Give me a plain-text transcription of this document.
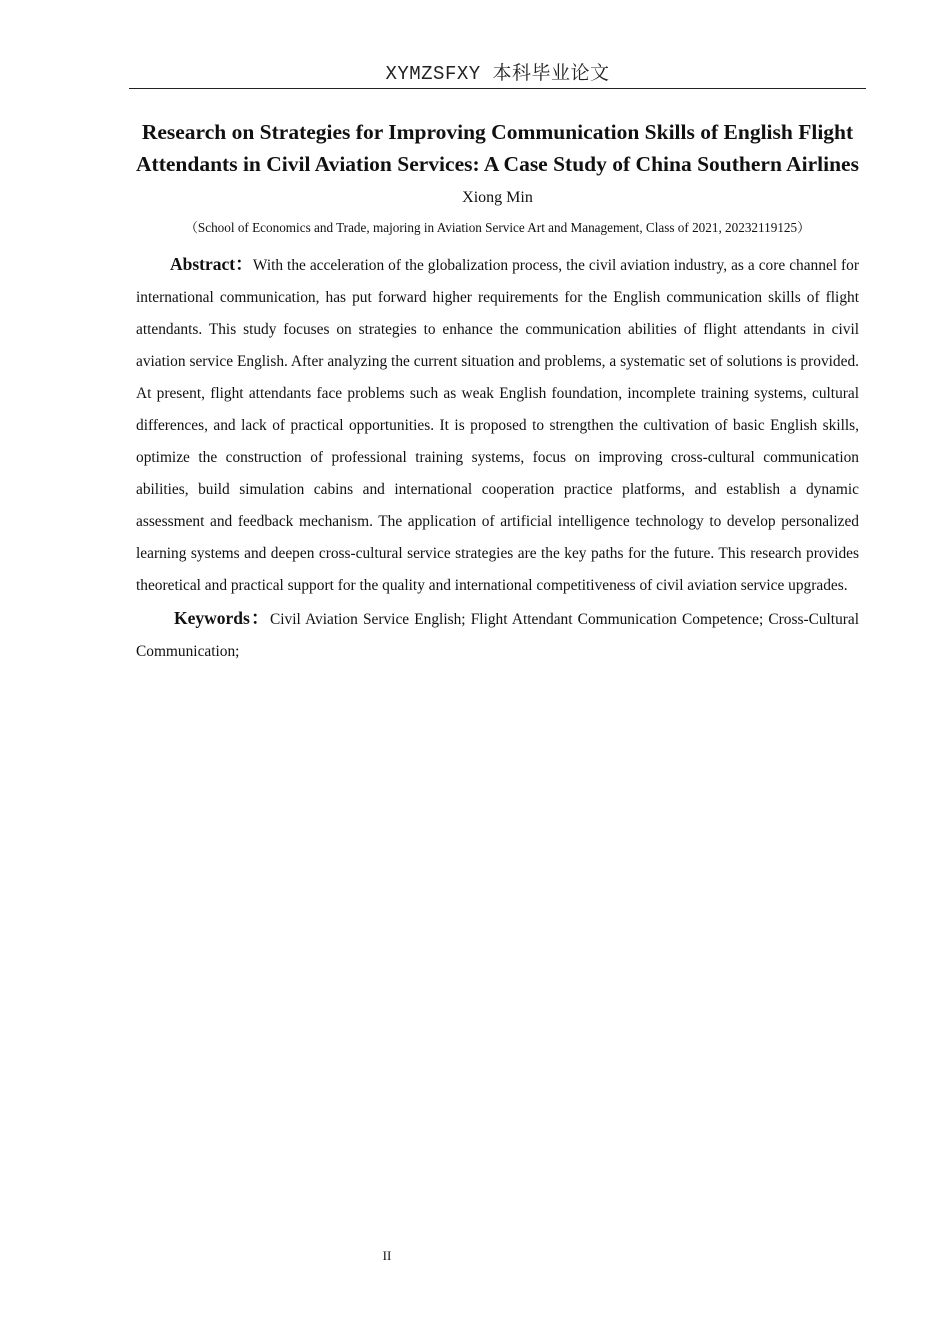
XYMZSFXY 本科毕业论文
Research on Strategies for Improving Communication Skills of English Flight Attendants in Civil Aviation Services: A Case Study of China Southern Airlines
Xiong Min
（School of Economics and Trade, majoring in Aviation Service Art and Management, Class of 2021, 20232119125）

Abstract：With the acceleration of the globalization process, the civil aviation industry, as a core channel for international communication, has put forward higher requirements for the English communication skills of flight attendants. This study focuses on strategies to enhance the communication abilities of flight attendants in civil aviation service English. After analyzing the current situation and problems, a systematic set of solutions is provided. At present, flight attendants face problems such as weak English foundation, incomplete training systems, cultural differences, and lack of practical opportunities. It is proposed to strengthen the cultivation of basic English skills, optimize the construction of professional training systems, focus on improving cross-cultural communication abilities, build simulation cabins and international cooperation practice platforms, and establish a dynamic assessment and feedback mechanism. The application of artificial intelligence technology to develop personalized learning systems and deepen cross-cultural service strategies are the key paths for the future. This research provides theoretical and practical support for the quality and international competitiveness of civil aviation service upgrades.

Keywords：Civil Aviation Service English; Flight Attendant Communication Competence; Cross-Cultural Communication;

II
